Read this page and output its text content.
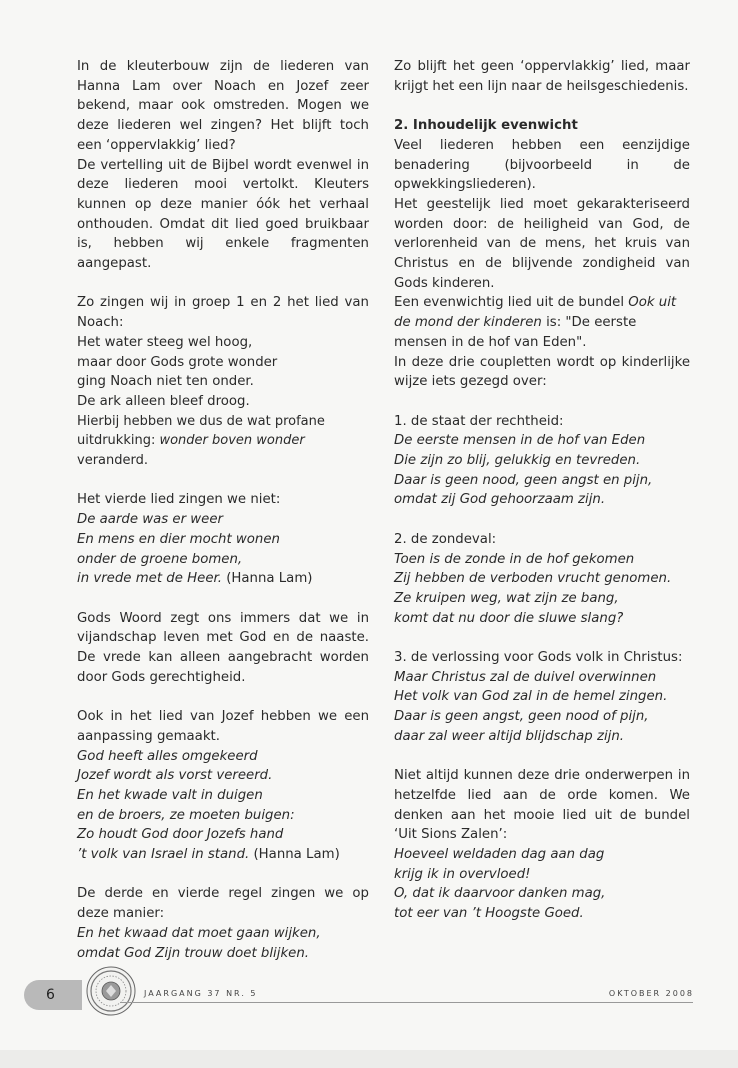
In de kleuterbouw zijn de liederen van Hanna Lam over Noach en Jozef zeer bekend, maar ook omstreden. Mogen we deze liederen wel zingen? Het blijft toch een ‘oppervlakkig’ lied?

De vertelling uit de Bijbel wordt evenwel in deze liederen mooi vertolkt. Kleuters kunnen op deze manier óók het verhaal onthouden. Omdat dit lied goed bruikbaar is, hebben wij enkele fragmenten aangepast.

Zo zingen wij in groep 1 en 2 het lied van Noach:

Het water steeg wel hoog,

maar door Gods grote wonder

ging Noach niet ten onder.

De ark alleen bleef droog.

Hierbij hebben we dus de wat profane uitdrukking: wonder boven wonder veranderd.

Het vierde lied zingen we niet:

De aarde was er weer

En mens en dier mocht wonen

onder de groene bomen,

in vrede met de Heer. (Hanna Lam)

Gods Woord zegt ons immers dat we in vijandschap leven met God en de naaste. De vrede kan alleen aangebracht worden door Gods gerechtigheid.

Ook in het lied van Jozef hebben we een aanpassing gemaakt.

God heeft alles omgekeerd

Jozef wordt als vorst vereerd.

En het kwade valt in duigen

en de broers, ze moeten buigen:

Zo houdt God door Jozefs hand

’t volk van Israel in stand. (Hanna Lam)

De derde en vierde regel zingen we op deze manier:

En het kwaad dat moet gaan wijken,

omdat God Zijn trouw doet blijken.

Zo blijft het geen ‘oppervlakkig’ lied, maar krijgt het een lijn naar de heilsgeschiedenis.

2. Inhoudelijk evenwicht

Veel liederen hebben een eenzijdige benadering (bijvoorbeeld in de opwekkingsliederen).

Het geestelijk lied moet gekarakteriseerd worden door: de heiligheid van God, de verlorenheid van de mens, het kruis van Christus en de blijvende zondigheid van Gods kinderen.

Een evenwichtig lied uit de bundel Ook uit de mond der kinderen is: "De eerste mensen in de hof van Eden".

In deze drie coupletten wordt op kinderlijke wijze iets gezegd over:

1. de staat der rechtheid:

De eerste mensen in de hof van Eden

Die zijn zo blij, gelukkig en tevreden.

Daar is geen nood, geen angst en pijn,

omdat zij God gehoorzaam zijn.

2. de zondeval:

Toen is de zonde in de hof gekomen

Zij hebben de verboden vrucht genomen.

Ze kruipen weg, wat zijn ze bang,

komt dat nu door die sluwe slang?

3. de verlossing voor Gods volk in Christus:

Maar Christus zal de duivel overwinnen

Het volk van God zal in de hemel zingen.

Daar is geen angst, geen nood of pijn,

daar zal weer altijd blijdschap zijn.

Niet altijd kunnen deze drie onderwerpen in hetzelfde lied aan de orde komen. We denken aan het mooie lied uit de bundel ‘Uit Sions Zalen’:

Hoeveel weldaden dag aan dag

krijg ik in overvloed!

O, dat ik daarvoor danken mag,

tot eer van ’t Hoogste Goed.

6	JAARGANG 37 NR. 5	OKTOBER 2008
